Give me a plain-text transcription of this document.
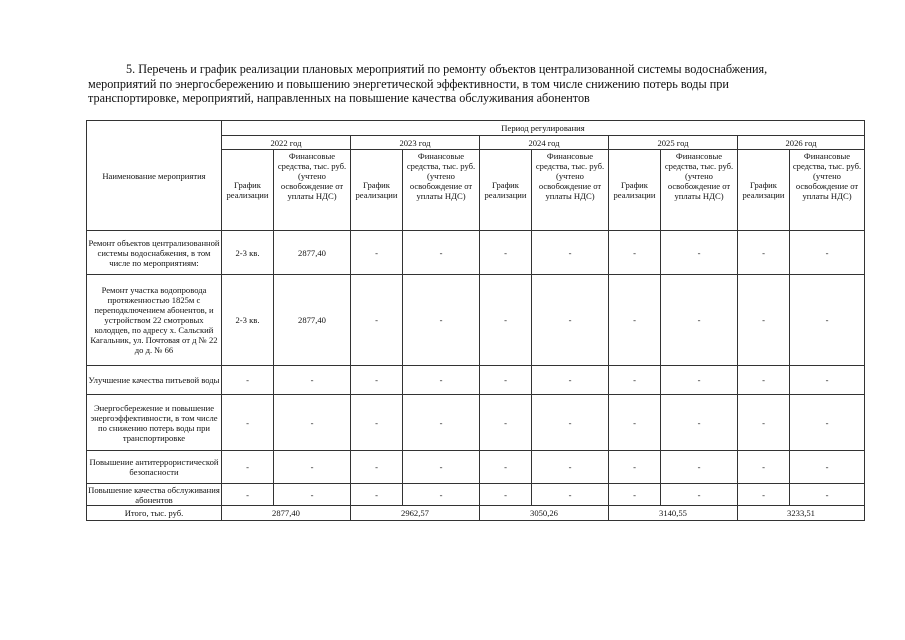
5. Перечень и график реализации плановых мероприятий по ремонту объектов централизованной системы водоснабжения,

мероприятий по энергосбережению и повышению энергетической эффективности, в том числе снижению потерь воды при

транспортировке, мероприятий, направленных на повышение качества обслуживания абонентов

Наименование мероприятия	Период регулирования									
	2022 год		2023 год		2024 год		2025 год		2026 год	
	График реализации	Финансовые средства, тыс. руб. (учтено освобождение от уплаты НДС)	График реализации	Финансовые средства, тыс. руб. (учтено освобождение от уплаты НДС)	График реализации	Финансовые средства, тыс. руб. (учтено освобождение от уплаты НДС)	График реализации	Финансовые средства, тыс. руб. (учтено освобождение от уплаты НДС)	График реализации	Финансовые средства, тыс. руб. (учтено освобождение от уплаты НДС)
Ремонт объектов централизованной системы водоснабжения, в том числе по мероприятиям:	2-3 кв.	2877,40	-	-	-	-	-	-	-	-
Ремонт участка водопровода протяженностью 1825м с переподключением абонентов, и устройством 22 смотровых колодцев, по адресу х. Сальский Кагальник, ул. Почтовая от д № 22 до д. № 66	2-3 кв.	2877,40	-	-	-	-	-	-	-	-
Улучшение качества питьевой воды	-	-	-	-	-	-	-	-	-	-
Энергосбережение и повышение энергоэффективности, в том числе по снижению потерь воды при транспортировке	-	-	-	-	-	-	-	-	-	-
Повышение антитеррористической безопасности	-	-	-	-	-	-	-	-	-	-
Повышение качества обслуживания абонентов	-	-	-	-	-	-	-	-	-	-
Итого, тыс. руб.	2877,40		2962,57		3050,26		3140,55		3233,51	
